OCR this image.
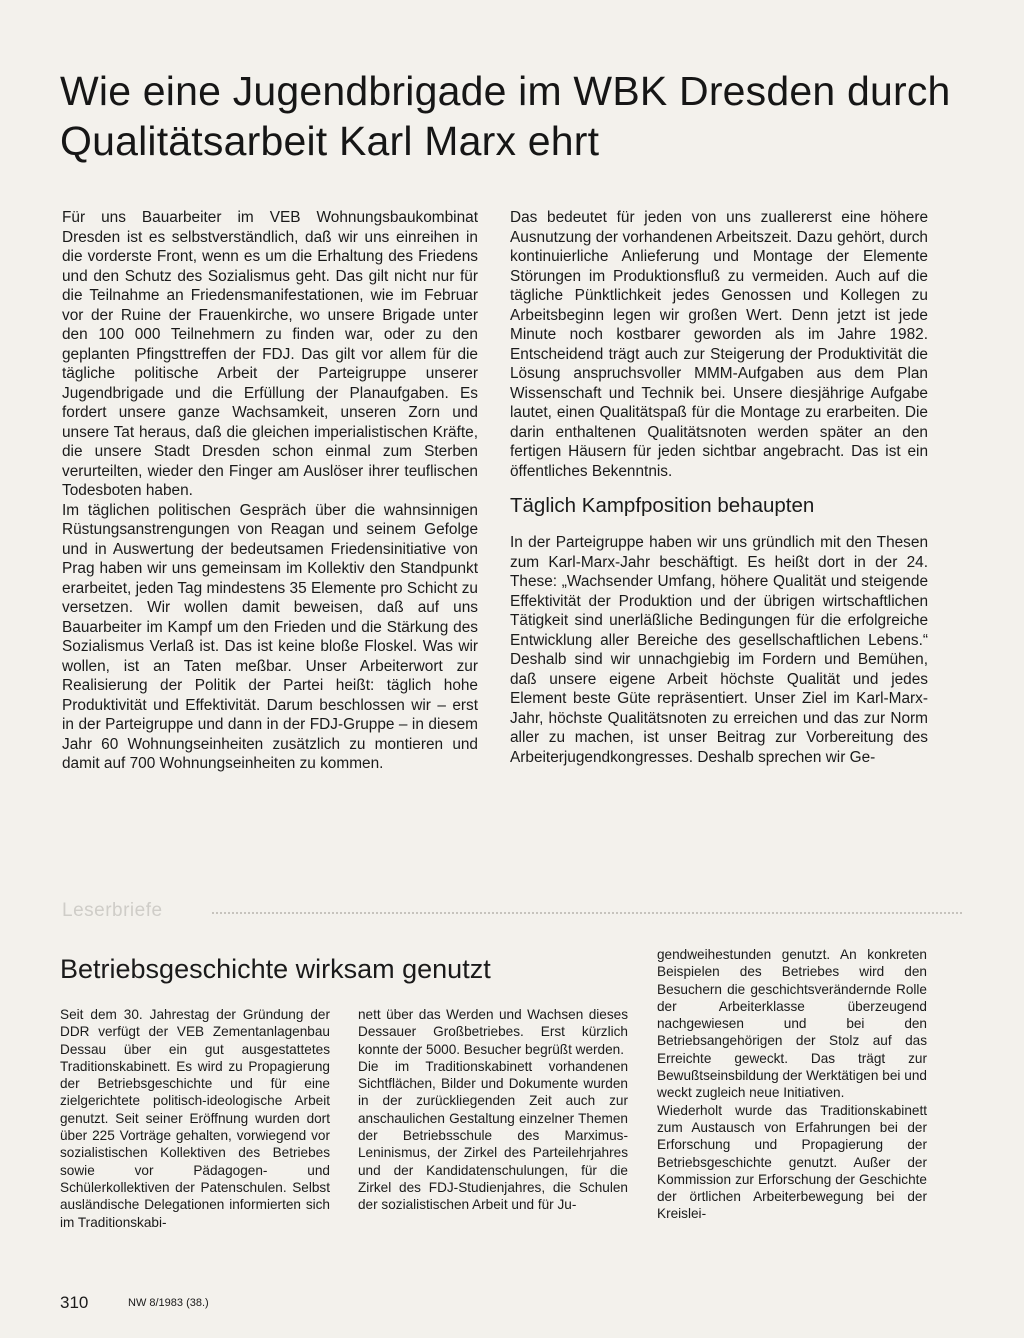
Wie eine Jugendbrigade im WBK Dresden durch Qualitätsarbeit Karl Marx ehrt

Für uns Bauarbeiter im VEB Wohnungsbaukombinat Dresden ist es selbstverständlich, daß wir uns einreihen in die vorderste Front, wenn es um die Erhaltung des Friedens und den Schutz des Sozialismus geht. Das gilt nicht nur für die Teilnahme an Friedensmanifestationen, wie im Februar vor der Ruine der Frauenkirche, wo unsere Brigade unter den 100 000 Teilnehmern zu finden war, oder zu den geplanten Pfingsttreffen der FDJ. Das gilt vor allem für die tägliche politische Arbeit der Parteigruppe unserer Jugendbrigade und die Erfüllung der Planaufgaben. Es fordert unsere ganze Wachsamkeit, unseren Zorn und unsere Tat heraus, daß die gleichen imperialistischen Kräfte, die unsere Stadt Dresden schon einmal zum Sterben verurteilten, wieder den Finger am Auslöser ihrer teuflischen Todesboten haben.

Im täglichen politischen Gespräch über die wahnsinnigen Rüstungsanstrengungen von Reagan und seinem Gefolge und in Auswertung der bedeutsamen Friedensinitiative von Prag haben wir uns gemeinsam im Kollektiv den Standpunkt erarbeitet, jeden Tag mindestens 35 Elemente pro Schicht zu versetzen. Wir wollen damit beweisen, daß auf uns Bauarbeiter im Kampf um den Frieden und die Stärkung des Sozialismus Verlaß ist. Das ist keine bloße Floskel. Was wir wollen, ist an Taten meßbar. Unser Arbeiterwort zur Realisierung der Politik der Partei heißt: täglich hohe Produktivität und Effektivität. Darum beschlossen wir – erst in der Parteigruppe und dann in der FDJ-Gruppe – in diesem Jahr 60 Wohnungseinheiten zusätzlich zu montieren und damit auf 700 Wohnungseinheiten zu kommen.

Das bedeutet für jeden von uns zuallererst eine höhere Ausnutzung der vorhandenen Arbeitszeit. Dazu gehört, durch kontinuierliche Anlieferung und Montage der Elemente Störungen im Produktionsfluß zu vermeiden. Auch auf die tägliche Pünktlichkeit jedes Genossen und Kollegen zu Arbeitsbeginn legen wir großen Wert. Denn jetzt ist jede Minute noch kostbarer geworden als im Jahre 1982. Entscheidend trägt auch zur Steigerung der Produktivität die Lösung anspruchsvoller MMM-Aufgaben aus dem Plan Wissenschaft und Technik bei. Unsere diesjährige Aufgabe lautet, einen Qualitätspaß für die Montage zu erarbeiten. Die darin enthaltenen Qualitätsnoten werden später an den fertigen Häusern für jeden sichtbar angebracht. Das ist ein öffentliches Bekenntnis.

Täglich Kampfposition behaupten

In der Parteigruppe haben wir uns gründlich mit den Thesen zum Karl-Marx-Jahr beschäftigt. Es heißt dort in der 24. These: „Wachsender Umfang, höhere Qualität und steigende Effektivität der Produktion und der übrigen wirtschaftlichen Tätigkeit sind unerläßliche Bedingungen für die erfolgreiche Entwicklung aller Bereiche des gesellschaftlichen Lebens.“ Deshalb sind wir unnachgiebig im Fordern und Bemühen, daß unsere eigene Arbeit höchste Qualität und jedes Element beste Güte repräsentiert. Unser Ziel im Karl-Marx-Jahr, höchste Qualitätsnoten zu erreichen und das zur Norm aller zu machen, ist unser Beitrag zur Vorbereitung des Arbeiterjugendkongresses. Deshalb sprechen wir Ge-

Leserbriefe
Betriebsgeschichte wirksam genutzt

Seit dem 30. Jahrestag der Gründung der DDR verfügt der VEB Zementanlagenbau Dessau über ein gut ausgestattetes Traditionskabinett. Es wird zu Propagierung der Betriebsgeschichte und für eine zielgerichtete politisch-ideologische Arbeit genutzt. Seit seiner Eröffnung wurden dort über 225 Vorträge gehalten, vorwiegend vor sozialistischen Kollektiven des Betriebes sowie vor Pädagogen- und Schülerkollektiven der Patenschulen. Selbst ausländische Delegationen informierten sich im Traditionskabi-

nett über das Werden und Wachsen dieses Dessauer Großbetriebes. Erst kürzlich konnte der 5000. Besucher begrüßt werden.

Die im Traditionskabinett vorhandenen Sichtflächen, Bilder und Dokumente wurden in der zurückliegenden Zeit auch zur anschaulichen Gestaltung einzelner Themen der Betriebsschule des Marximus-Leninismus, der Zirkel des Parteilehrjahres und der Kandidatenschulungen, für die Zirkel des FDJ-Studienjahres, die Schulen der sozialistischen Arbeit und für Ju-

gendweihestunden genutzt. An konkreten Beispielen des Betriebes wird den Besuchern die geschichtsverändernde Rolle der Arbeiterklasse überzeugend nachgewiesen und bei den Betriebsangehörigen der Stolz auf das Erreichte geweckt. Das trägt zur Bewußtseinsbildung der Werktätigen bei und weckt zugleich neue Initiativen.

Wiederholt wurde das Traditionskabinett zum Austausch von Erfahrungen bei der Erforschung und Propagierung der Betriebsgeschichte genutzt. Außer der Kommission zur Erforschung der Geschichte der örtlichen Arbeiterbewegung bei der Kreislei-

310	NW 8/1983 (38.)
